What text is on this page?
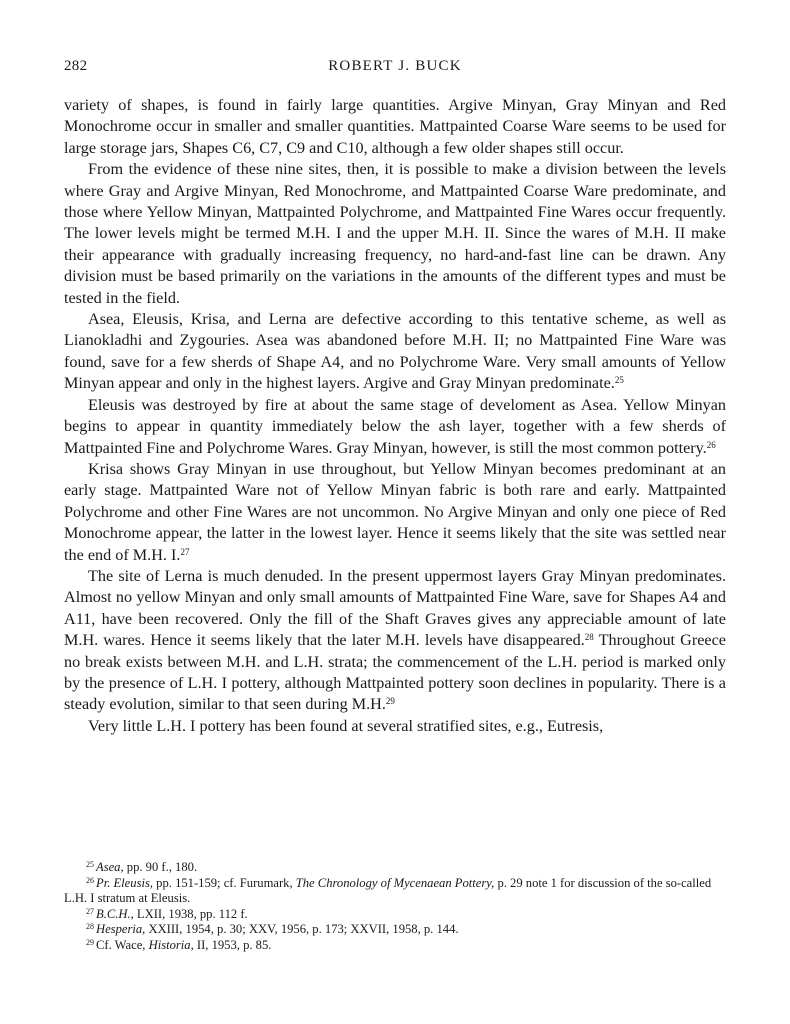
282	ROBERT J. BUCK

variety of shapes, is found in fairly large quantities. Argive Minyan, Gray Minyan and Red Monochrome occur in smaller and smaller quantities. Mattpainted Coarse Ware seems to be used for large storage jars, Shapes C6, C7, C9 and C10, although a few older shapes still occur.

From the evidence of these nine sites, then, it is possible to make a division between the levels where Gray and Argive Minyan, Red Monochrome, and Mattpainted Coarse Ware predominate, and those where Yellow Minyan, Mattpainted Polychrome, and Mattpainted Fine Wares occur frequently. The lower levels might be termed M.H. I and the upper M.H. II. Since the wares of M.H. II make their appearance with gradually increasing frequency, no hard-and-fast line can be drawn. Any division must be based primarily on the variations in the amounts of the different types and must be tested in the field.

Asea, Eleusis, Krisa, and Lerna are defective according to this tentative scheme, as well as Lianokladhi and Zygouries. Asea was abandoned before M.H. II; no Mattpainted Fine Ware was found, save for a few sherds of Shape A4, and no Polychrome Ware. Very small amounts of Yellow Minyan appear and only in the highest layers. Argive and Gray Minyan predominate.$^{25}$

Eleusis was destroyed by fire at about the same stage of develoment as Asea. Yellow Minyan begins to appear in quantity immediately below the ash layer, together with a few sherds of Mattpainted Fine and Polychrome Wares. Gray Minyan, however, is still the most common pottery.$^{26}$

Krisa shows Gray Minyan in use throughout, but Yellow Minyan becomes predominant at an early stage. Mattpainted Ware not of Yellow Minyan fabric is both rare and early. Mattpainted Polychrome and other Fine Wares are not uncommon. No Argive Minyan and only one piece of Red Monochrome appear, the latter in the lowest layer. Hence it seems likely that the site was settled near the end of M.H. I.$^{27}$

The site of Lerna is much denuded. In the present uppermost layers Gray Minyan predominates. Almost no yellow Minyan and only small amounts of Mattpainted Fine Ware, save for Shapes A4 and A11, have been recovered. Only the fill of the Shaft Graves gives any appreciable amount of late M.H. wares. Hence it seems likely that the later M.H. levels have disappeared.$^{28}$ Throughout Greece no break exists between M.H. and L.H. strata; the commencement of the L.H. period is marked only by the presence of L.H. I pottery, although Mattpainted pottery soon declines in popularity. There is a steady evolution, similar to that seen during M.H.$^{29}$

Very little L.H. I pottery has been found at several stratified sites, e.g., Eutresis,

$^{25}$ Asea, pp. 90 f., 180.

$^{26}$ Pr. Eleusis, pp. 151-159; cf. Furumark, The Chronology of Mycenaean Pottery, p. 29 note 1 for discussion of the so-called L.H. I stratum at Eleusis.

$^{27}$ B.C.H., LXII, 1938, pp. 112 f.

$^{28}$ Hesperia, XXIII, 1954, p. 30; XXV, 1956, p. 173; XXVII, 1958, p. 144.

$^{29}$ Cf. Wace, Historia, II, 1953, p. 85.
